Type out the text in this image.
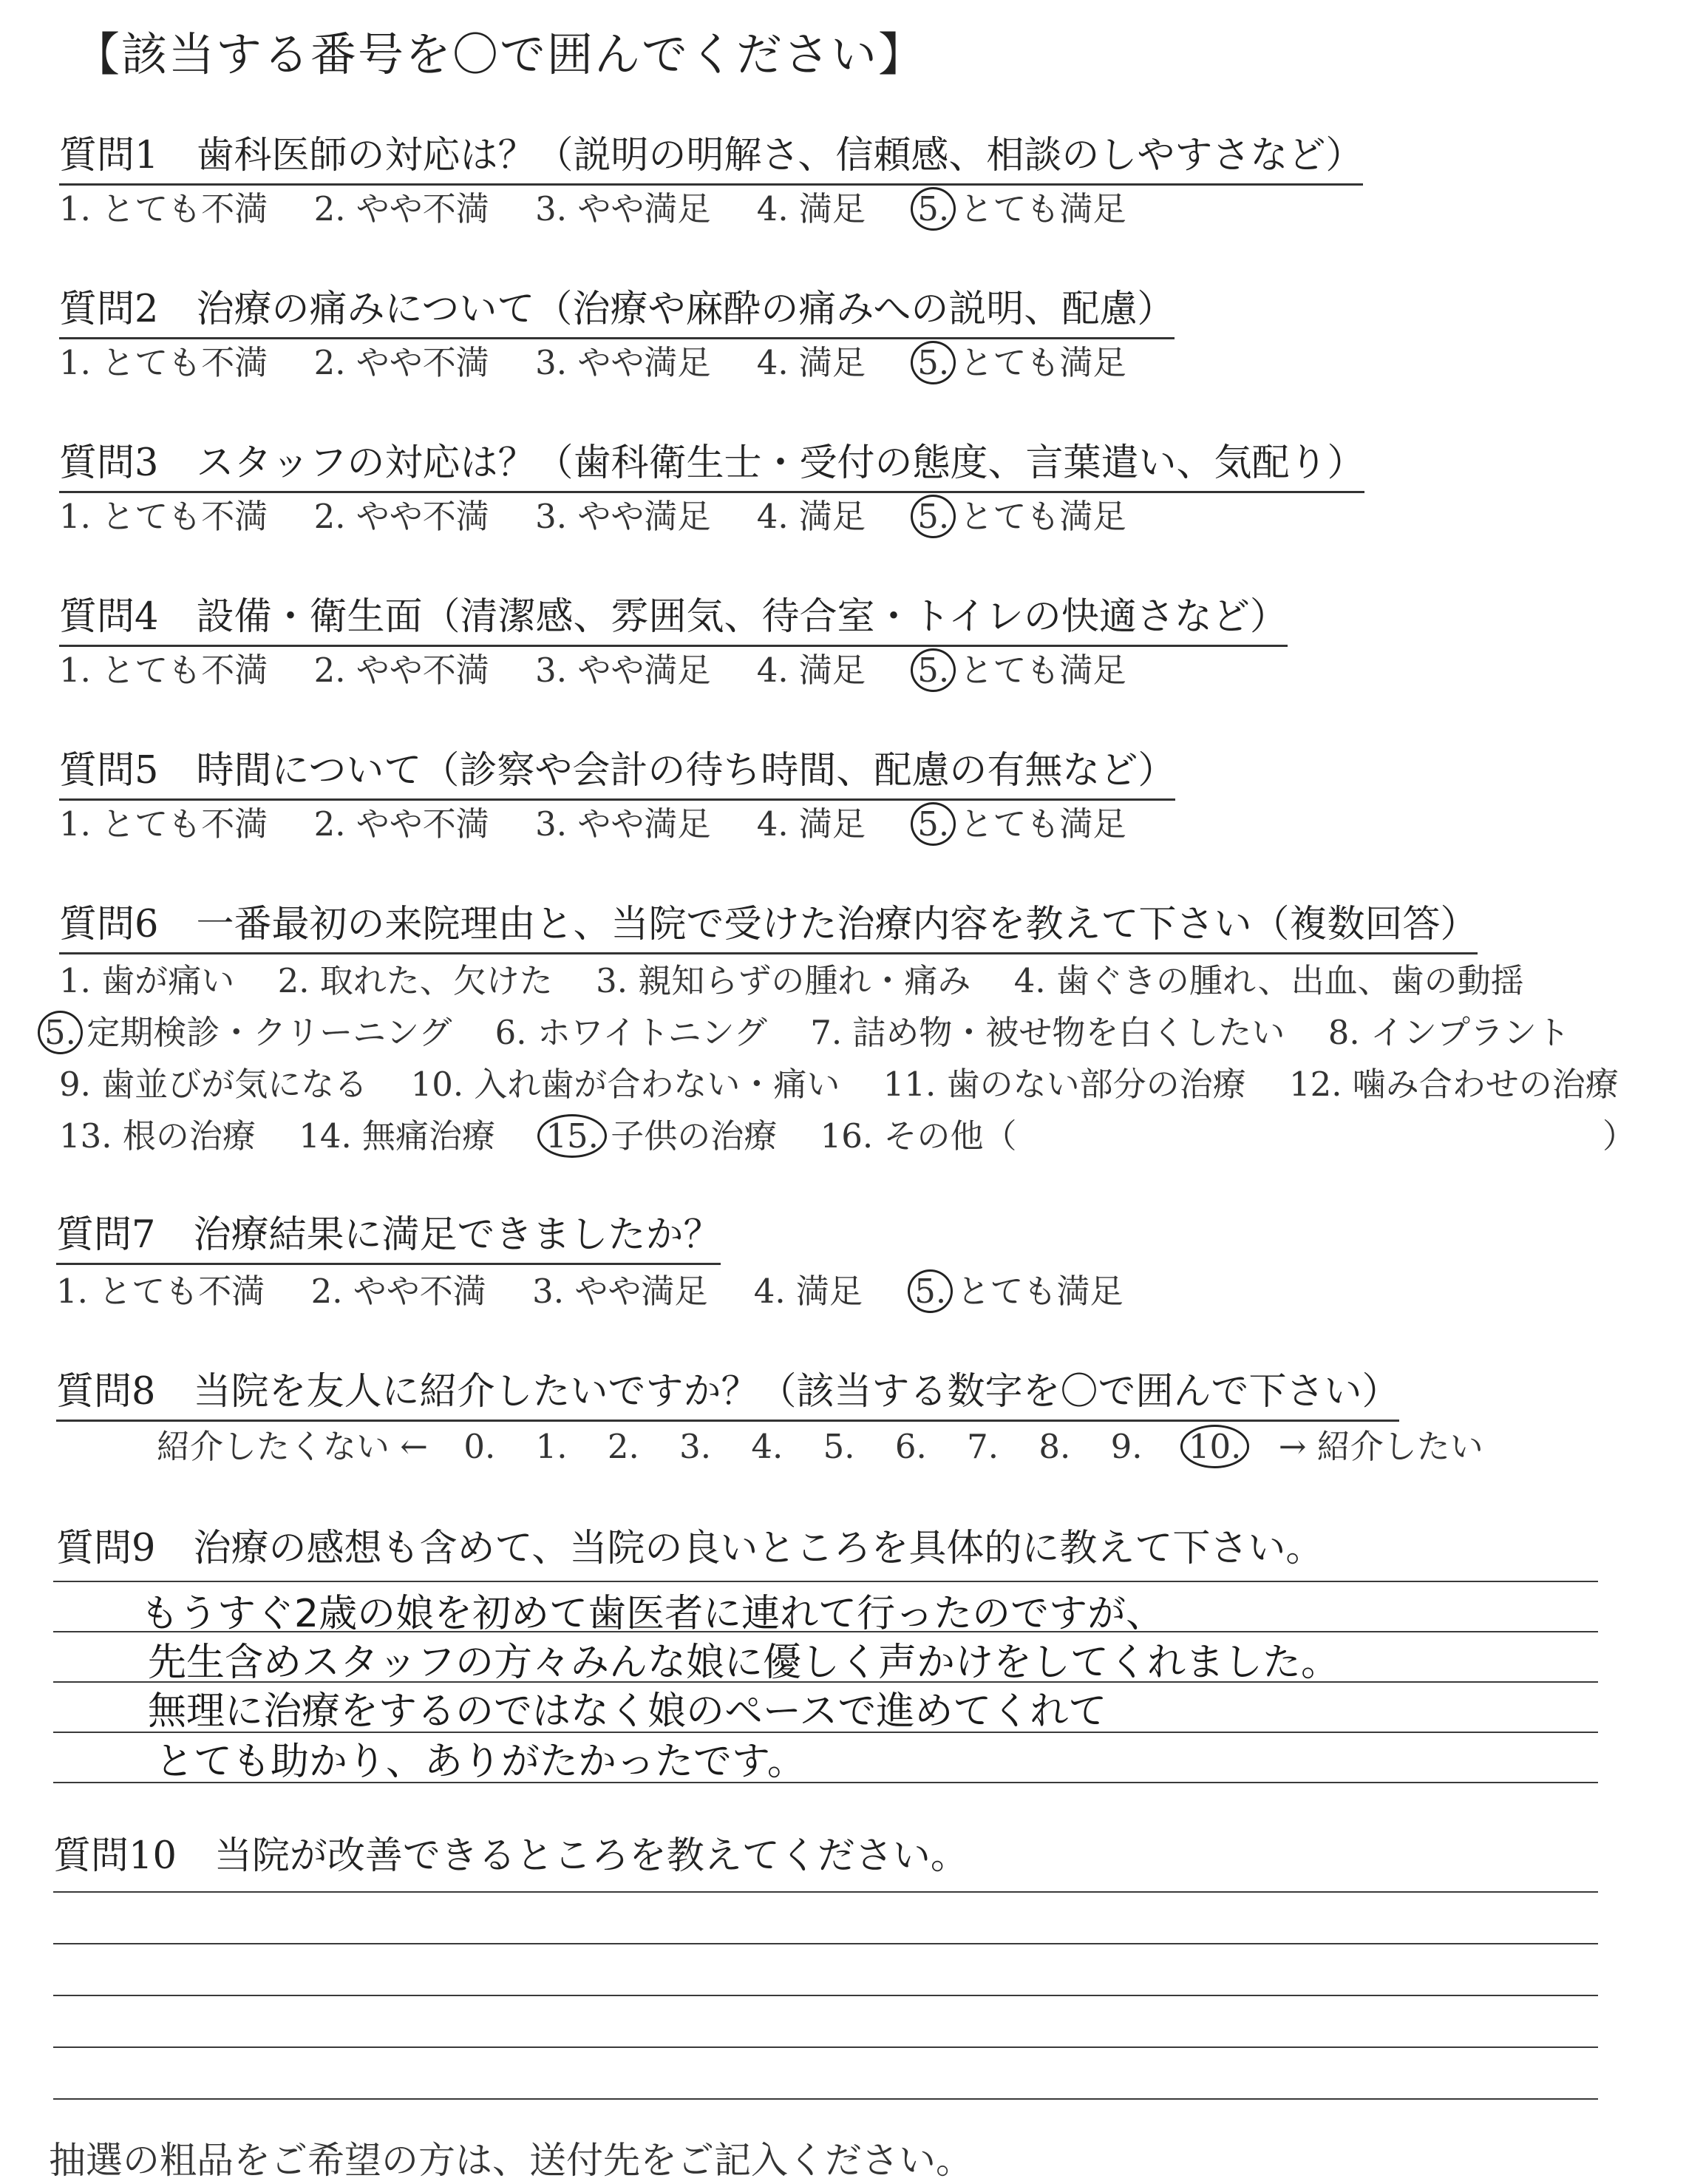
【該当する番号を〇で囲んでください】
質問1　歯科医師の対応は？（説明の明解さ、信頼感、相談のしやすさなど）
1. とても不満 2. やや不満 3. やや満足 4. 満足 5. とても満足
質問2　治療の痛みについて（治療や麻酔の痛みへの説明、配慮）
1. とても不満 2. やや不満 3. やや満足 4. 満足 5. とても満足
質問3　スタッフの対応は？（歯科衛生士・受付の態度、言葉遣い、気配り）
1. とても不満 2. やや不満 3. やや満足 4. 満足 5. とても満足
質問4　設備・衛生面（清潔感、雰囲気、待合室・トイレの快適さなど）
1. とても不満 2. やや不満 3. やや満足 4. 満足 5. とても満足
質問5　時間について（診察や会計の待ち時間、配慮の有無など）
1. とても不満 2. やや不満 3. やや満足 4. 満足 5. とても満足
質問6　一番最初の来院理由と、当院で受けた治療内容を教えて下さい（複数回答）
1. 歯が痛い 2. 取れた、欠けた 3. 親知らずの腫れ・痛み 4. 歯ぐきの腫れ、出血、歯の動揺
5. 定期検診・クリーニング 6. ホワイトニング 7. 詰め物・被せ物を白くしたい 8. インプラント
9. 歯並びが気になる 10. 入れ歯が合わない・痛い 11. 歯のない部分の治療 12. 噛み合わせの治療
13. 根の治療 14. 無痛治療 15. 子供の治療 16. その他（	）
質問7　治療結果に満足できましたか？
1. とても不満 2. やや不満 3. やや満足 4. 満足 5. とても満足
質問8　当院を友人に紹介したいですか？（該当する数字を〇で囲んで下さい）
紹介したくない ← 0. 1. 2. 3. 4. 5. 6. 7. 8. 9. 10. → 紹介したい
質問9　治療の感想も含めて、当院の良いところを具体的に教えて下さい。
もうすぐ2歳の娘を初めて歯医者に連れて行ったのですが、
先生含めスタッフの方々みんな娘に優しく声かけをしてくれました。
無理に治療をするのではなく娘のペースで進めてくれて
とても助かり、ありがたかったです。
質問10　当院が改善できるところを教えてください。
抽選の粗品をご希望の方は、送付先をご記入ください。
